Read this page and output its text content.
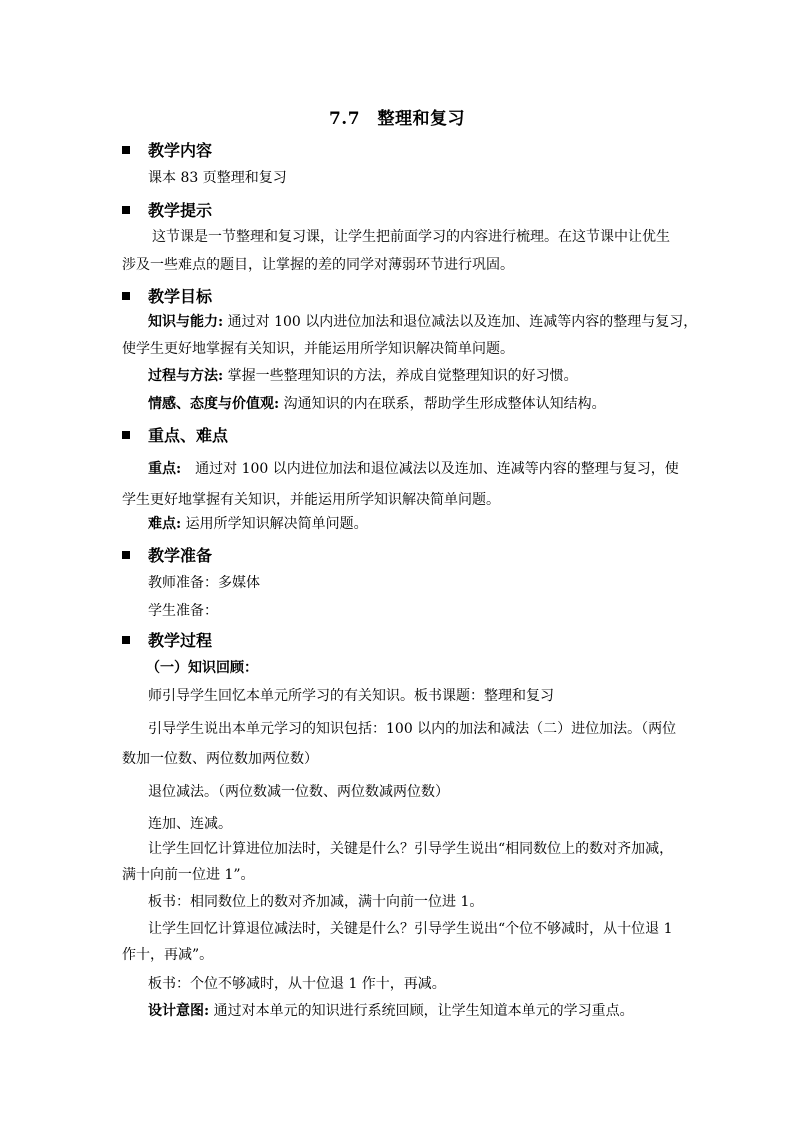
7.7　整理和复习
教学内容
课本 83 页整理和复习
教学提示
这节课是一节整理和复习课，让学生把前面学习的内容进行梳理。在这节课中让优生
涉及一些难点的题目，让掌握的差的同学对薄弱环节进行巩固。
教学目标
知识与能力: 通过对 100 以内进位加法和退位减法以及连加、连减等内容的整理与复习，
使学生更好地掌握有关知识，并能运用所学知识解决简单问题。
过程与方法: 掌握一些整理知识的方法，养成自觉整理知识的好习惯。
情感、态度与价值观: 沟通知识的内在联系，帮助学生形成整体认知结构。
重点、难点
重点:　通过对 100 以内进位加法和退位减法以及连加、连减等内容的整理与复习，使
学生更好地掌握有关知识，并能运用所学知识解决简单问题。
难点: 运用所学知识解决简单问题。
教学准备
教师准备：多媒体
学生准备：
教学过程
（一）知识回顾：
师引导学生回忆本单元所学习的有关知识。板书课题：整理和复习
引导学生说出本单元学习的知识包括：100 以内的加法和减法（二）进位加法。（两位
数加一位数、两位数加两位数）
退位减法。（两位数减一位数、两位数减两位数）
连加、连减。
让学生回忆计算进位加法时，关键是什么？引导学生说出“相同数位上的数对齐加减，
满十向前一位进 1”。
板书：相同数位上的数对齐加减，满十向前一位进 1。
让学生回忆计算退位减法时，关键是什么？引导学生说出“个位不够减时，从十位退 1
作十，再减”。
板书：个位不够减时，从十位退 1 作十，再减。
设计意图: 通过对本单元的知识进行系统回顾，让学生知道本单元的学习重点。
